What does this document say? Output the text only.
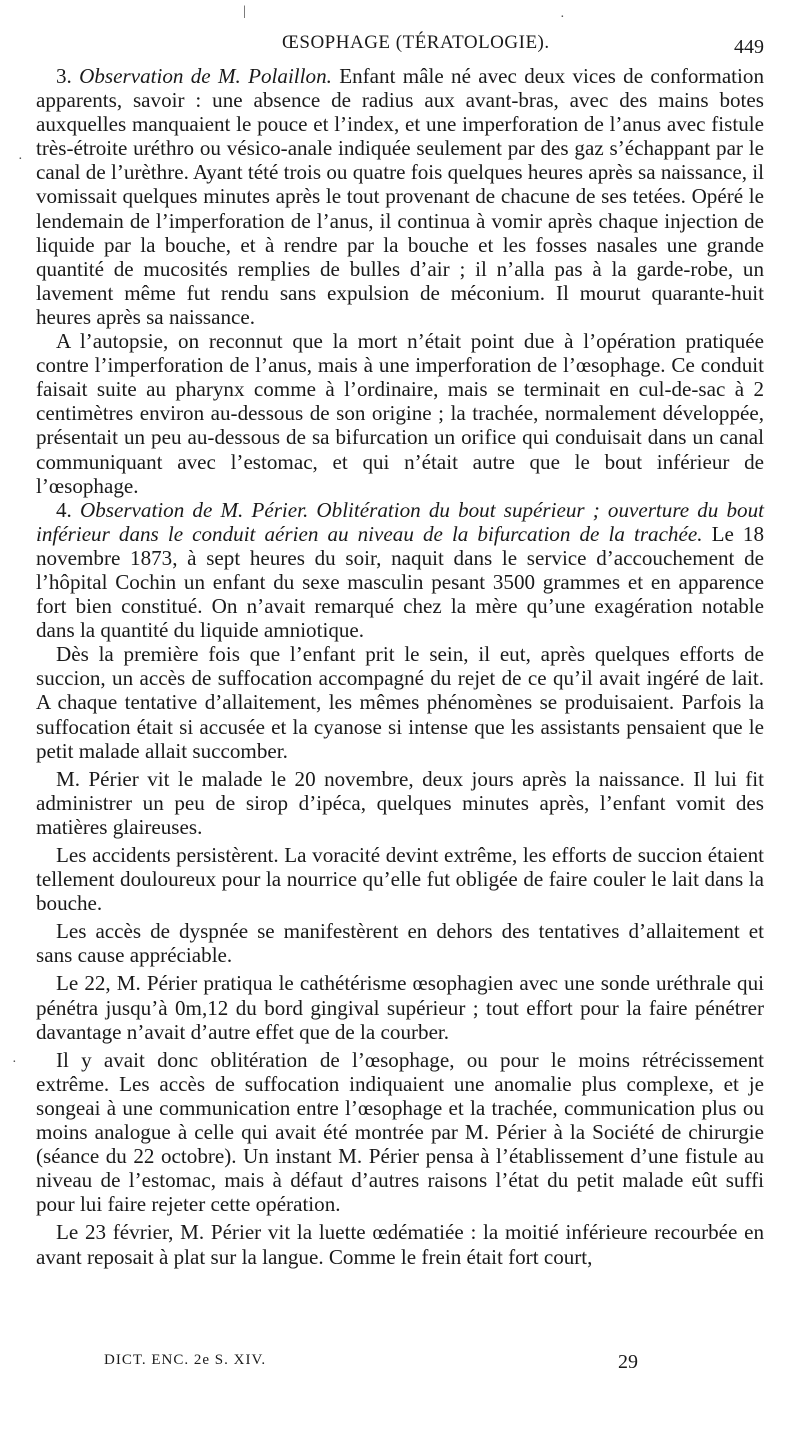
|	·
·
·
ŒSOPHAGE (TÉRATOLOGIE).	449

3. Observation de M. Polaillon. Enfant mâle né avec deux vices de conformation apparents, savoir : une absence de radius aux avant-bras, avec des mains botes auxquelles manquaient le pouce et l’index, et une imperforation de l’anus avec fistule très-étroite uréthro ou vésico-anale indiquée seulement par des gaz s’échappant par le canal de l’urèthre. Ayant tété trois ou quatre fois quelques heures après sa naissance, il vomissait quelques minutes après le tout provenant de chacune de ses tetées. Opéré le lendemain de l’imperforation de l’anus, il continua à vomir après chaque injection de liquide par la bouche, et à rendre par la bouche et les fosses nasales une grande quantité de mucosités remplies de bulles d’air ; il n’alla pas à la garde-robe, un lavement même fut rendu sans expulsion de méconium. Il mourut quarante-huit heures après sa naissance.

A l’autopsie, on reconnut que la mort n’était point due à l’opération pratiquée contre l’imperforation de l’anus, mais à une imperforation de l’œsophage. Ce conduit faisait suite au pharynx comme à l’ordinaire, mais se terminait en cul-de-sac à 2 centimètres environ au-dessous de son origine ; la trachée, normalement développée, présentait un peu au-dessous de sa bifurcation un orifice qui conduisait dans un canal communiquant avec l’estomac, et qui n’était autre que le bout inférieur de l’œsophage.

4. Observation de M. Périer. Oblitération du bout supérieur ; ouverture du bout inférieur dans le conduit aérien au niveau de la bifurcation de la trachée. Le 18 novembre 1873, à sept heures du soir, naquit dans le service d’accouchement de l’hôpital Cochin un enfant du sexe masculin pesant 3500 grammes et en apparence fort bien constitué. On n’avait remarqué chez la mère qu’une exagération notable dans la quantité du liquide amniotique.

Dès la première fois que l’enfant prit le sein, il eut, après quelques efforts de succion, un accès de suffocation accompagné du rejet de ce qu’il avait ingéré de lait. A chaque tentative d’allaitement, les mêmes phénomènes se produisaient. Parfois la suffocation était si accusée et la cyanose si intense que les assistants pensaient que le petit malade allait succomber.

M. Périer vit le malade le 20 novembre, deux jours après la naissance. Il lui fit administrer un peu de sirop d’ipéca, quelques minutes après, l’enfant vomit des matières glaireuses.

Les accidents persistèrent. La voracité devint extrême, les efforts de succion étaient tellement douloureux pour la nourrice qu’elle fut obligée de faire couler le lait dans la bouche.

Les accès de dyspnée se manifestèrent en dehors des tentatives d’allaitement et sans cause appréciable.

Le 22, M. Périer pratiqua le cathétérisme œsophagien avec une sonde uréthrale qui pénétra jusqu’à 0m,12 du bord gingival supérieur ; tout effort pour la faire pénétrer davantage n’avait d’autre effet que de la courber.

Il y avait donc oblitération de l’œsophage, ou pour le moins rétrécissement extrême. Les accès de suffocation indiquaient une anomalie plus complexe, et je songeai à une communication entre l’œsophage et la trachée, communication plus ou moins analogue à celle qui avait été montrée par M. Périer à la Société de chirurgie (séance du 22 octobre). Un instant M. Périer pensa à l’établissement d’une fistule au niveau de l’estomac, mais à défaut d’autres raisons l’état du petit malade eût suffi pour lui faire rejeter cette opération.

Le 23 février, M. Périer vit la luette œdématiée : la moitié inférieure recourbée en avant reposait à plat sur la langue. Comme le frein était fort court,

DICT. ENC. 2e S. XIV.	29
